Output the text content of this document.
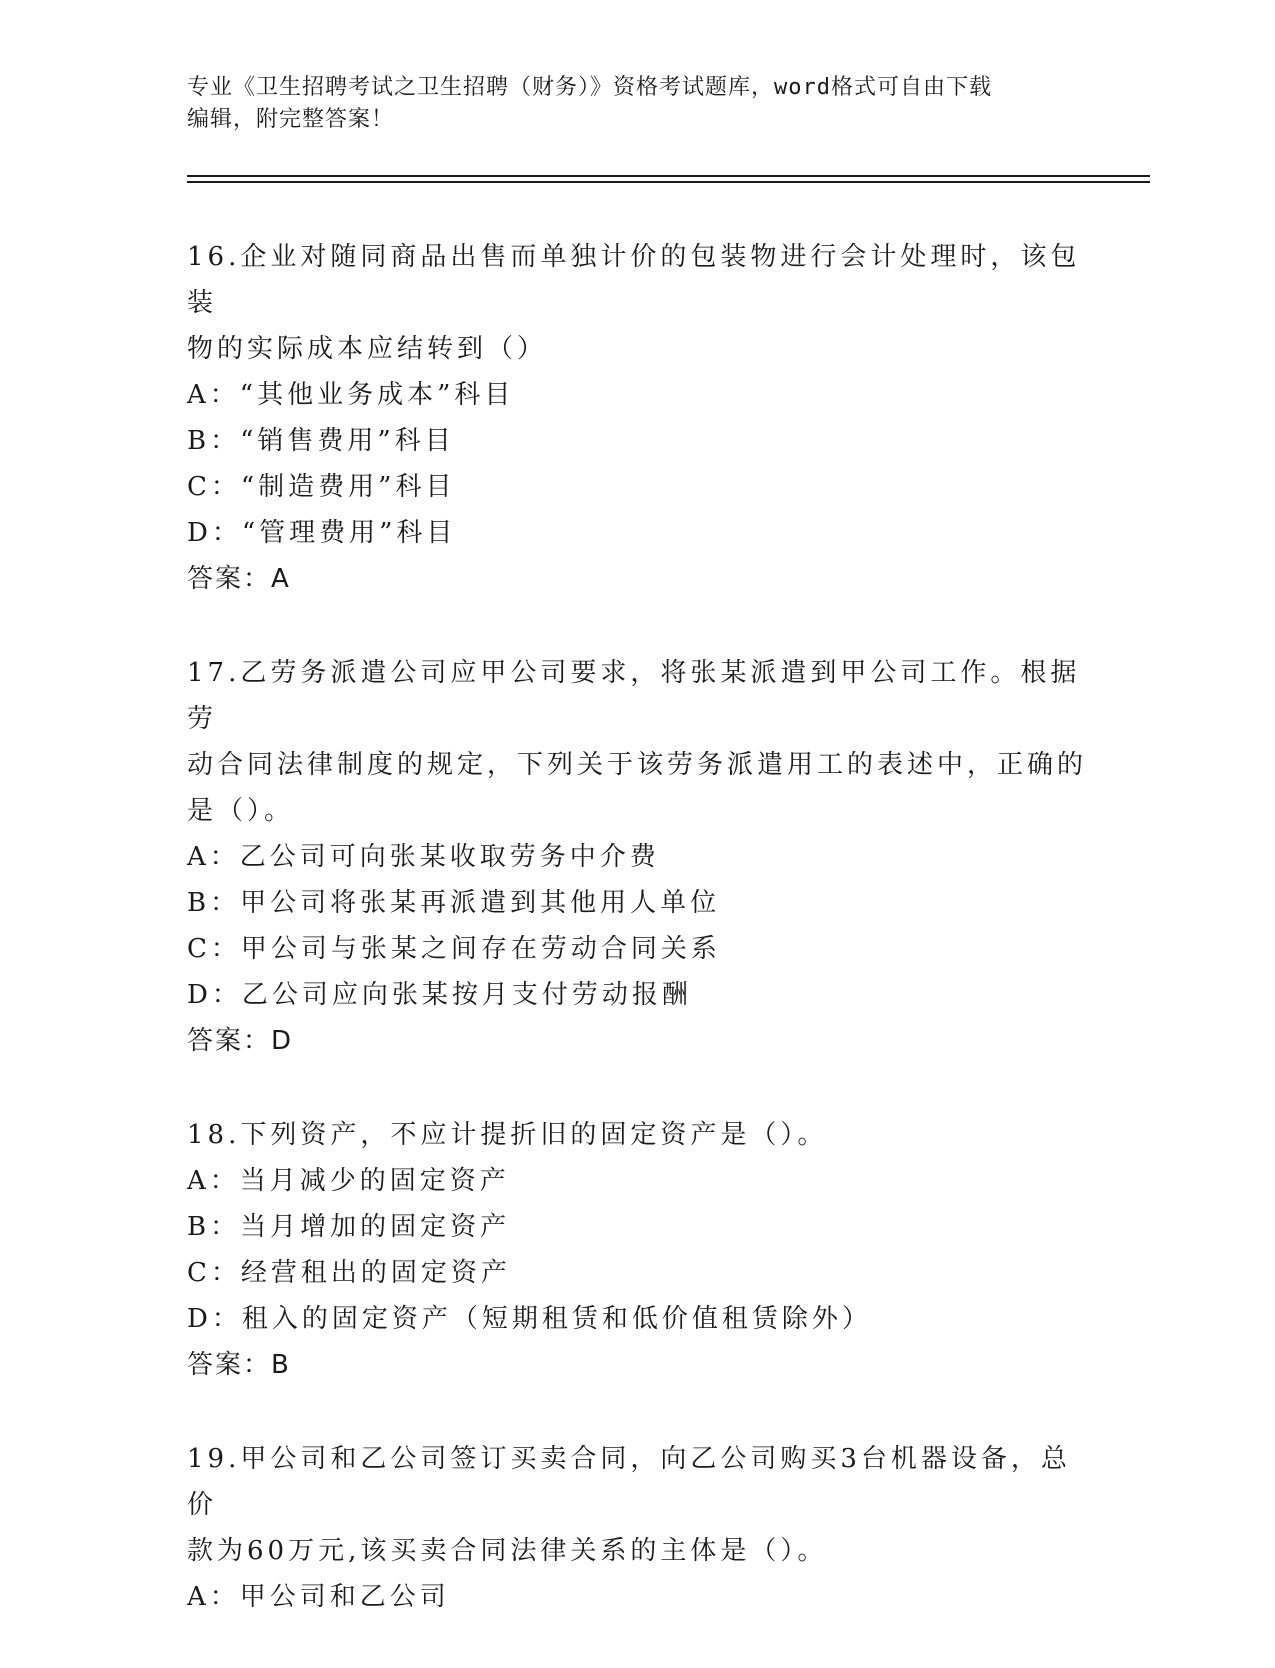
专业《卫生招聘考试之卫生招聘（财务）》资格考试题库，word格式可自由下载
编辑，附完整答案！
16.企业对随同商品出售而单独计价的包装物进行会计处理时，该包装
物的实际成本应结转到（）
A：“其他业务成本”科目
B：“销售费用”科目
C：“制造费用”科目
D：“管理费用”科目
答案：A
17.乙劳务派遣公司应甲公司要求，将张某派遣到甲公司工作。根据劳
动合同法律制度的规定，下列关于该劳务派遣用工的表述中，正确的
是（）。
A：乙公司可向张某收取劳务中介费
B：甲公司将张某再派遣到其他用人单位
C：甲公司与张某之间存在劳动合同关系
D：乙公司应向张某按月支付劳动报酬
答案：D
18.下列资产，不应计提折旧的固定资产是（）。
A：当月减少的固定资产
B：当月增加的固定资产
C：经营租出的固定资产
D：租入的固定资产（短期租赁和低价值租赁除外）
答案：B
19.甲公司和乙公司签订买卖合同，向乙公司购买3台机器设备，总价
款为60万元,该买卖合同法律关系的主体是（）。
A：甲公司和乙公司
